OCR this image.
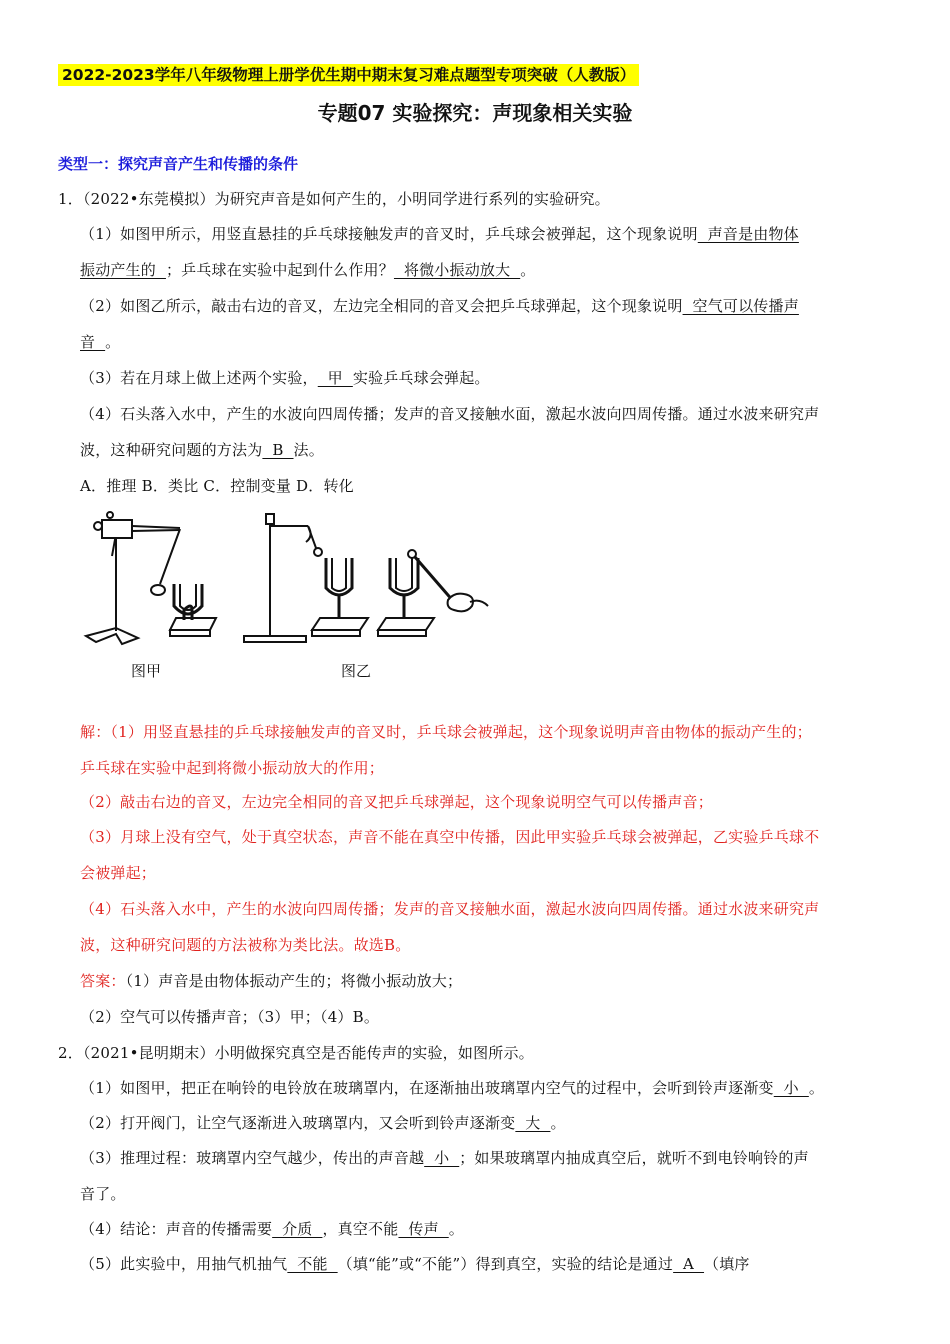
2022-2023学年八年级物理上册学优生期中期末复习难点题型专项突破（人教版）
专题07 实验探究：声现象相关实验
类型一：探究声音产生和传播的条件
1．（2022•东莞模拟）为研究声音是如何产生的，小明同学进行系列的实验研究。
（1）如图甲所示，用竖直悬挂的乒乓球接触发声的音叉时，乒乓球会被弹起，这个现象说明  声音是由物体
振动产生的  ；乒乓球在实验中起到什么作用？  将微小振动放大  。
（2）如图乙所示，敲击右边的音叉，左边完全相同的音叉会把乒乓球弹起，这个现象说明  空气可以传播声
音  。
（3）若在月球上做上述两个实验，  甲  实验乒乓球会弹起。
（4）石头落入水中，产生的水波向四周传播；发声的音叉接触水面，激起水波向四周传播。通过水波来研究声
波，这种研究问题的方法为  B  法。
A．推理 B．类比 C．控制变量 D．转化
图甲	图乙
解：（1）用竖直悬挂的乒乓球接触发声的音叉时，乒乓球会被弹起，这个现象说明声音由物体的振动产生的；
乒乓球在实验中起到将微小振动放大的作用；
（2）敲击右边的音叉，左边完全相同的音叉把乒乓球弹起，这个现象说明空气可以传播声音；
（3）月球上没有空气，处于真空状态，声音不能在真空中传播，因此甲实验乒乓球会被弹起，乙实验乒乓球不
会被弹起；
（4）石头落入水中，产生的水波向四周传播；发声的音叉接触水面，激起水波向四周传播。通过水波来研究声
波，这种研究问题的方法被称为类比法。故选B。
答案：（1）声音是由物体振动产生的；将微小振动放大；
（2）空气可以传播声音；（3）甲；（4）B。
2．（2021•昆明期末）小明做探究真空是否能传声的实验，如图所示。
（1）如图甲，把正在响铃的电铃放在玻璃罩内，在逐渐抽出玻璃罩内空气的过程中，会听到铃声逐渐变  小  。
（2）打开阀门，让空气逐渐进入玻璃罩内，又会听到铃声逐渐变  大  。
（3）推理过程：玻璃罩内空气越少，传出的声音越  小  ；如果玻璃罩内抽成真空后，就听不到电铃响铃的声
音了。
（4）结论：声音的传播需要  介质  ，真空不能  传声  。
（5）此实验中，用抽气机抽气  不能  （填“能”或“不能”）得到真空，实验的结论是通过  A  （填序
